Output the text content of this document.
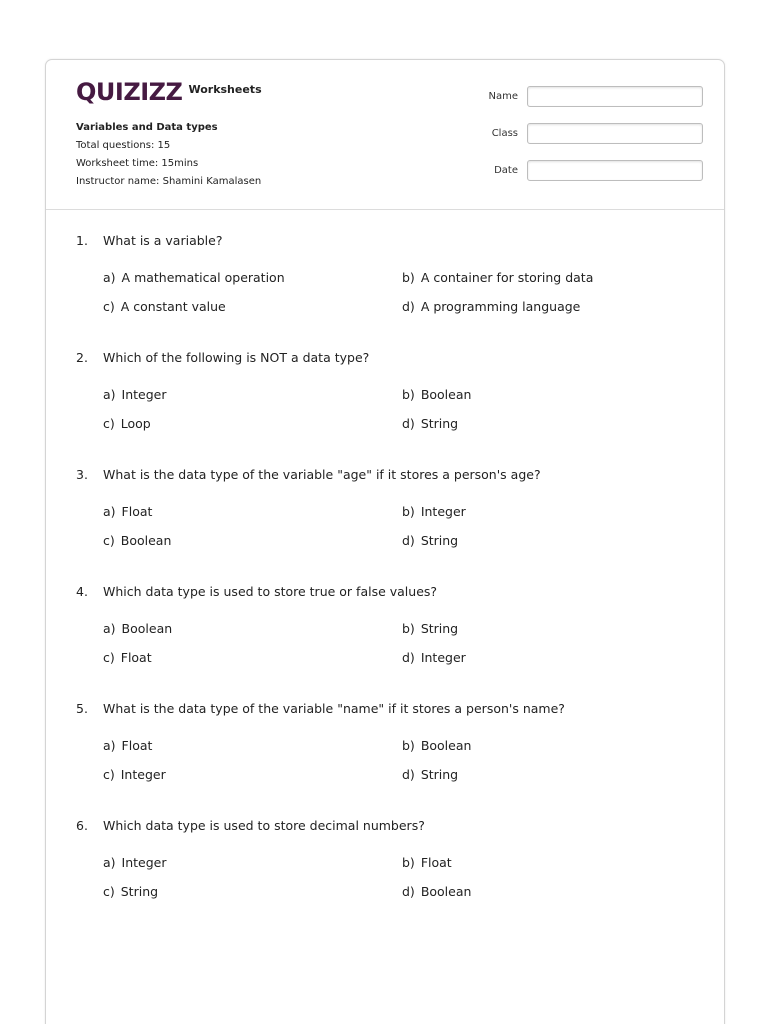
QUIZIZZ Worksheets
Variables and Data types
Total questions: 15
Worksheet time: 15mins
Instructor name: Shamini Kamalasen
Name
Class
Date
1.	What is a variable?
a) A mathematical operation	b) A container for storing data
c) A constant value	d) A programming language
2.	Which of the following is NOT a data type?
a) Integer	b) Boolean
c) Loop	d) String
3.	What is the data type of the variable "age" if it stores a person's age?
a) Float	b) Integer
c) Boolean	d) String
4.	Which data type is used to store true or false values?
a) Boolean	b) String
c) Float	d) Integer
5.	What is the data type of the variable "name" if it stores a person's name?
a) Float	b) Boolean
c) Integer	d) String
6.	Which data type is used to store decimal numbers?
a) Integer	b) Float
c) String	d) Boolean
